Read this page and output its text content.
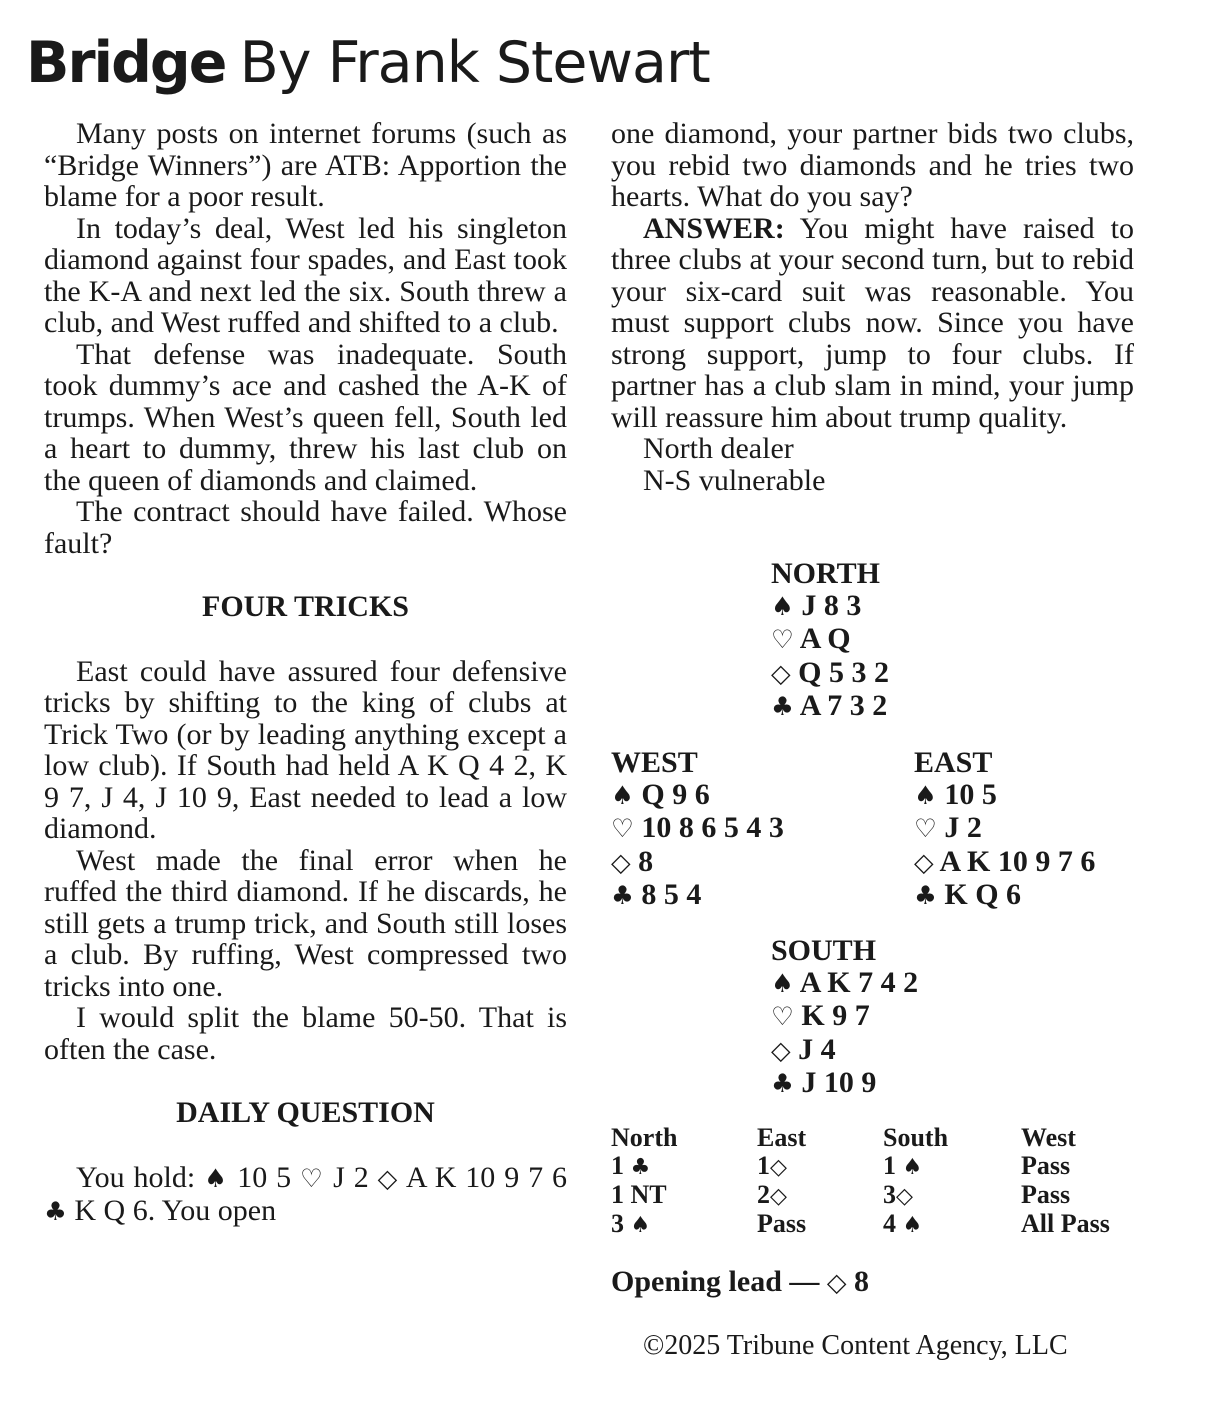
Bridge By Frank Stewart

Many posts on internet forums (such as “Bridge Winners”) are ATB: Apportion the blame for a poor result.

In today’s deal, West led his singleton diamond against four spades, and East took the K-A and next led the six. South threw a club, and West ruffed and shifted to a club.

That defense was inadequate. South took dummy’s ace and cashed the A-K of trumps. When West’s queen fell, South led a heart to dummy, threw his last club on the queen of diamonds and claimed.

The contract should have failed. Whose fault?

FOUR TRICKS

East could have assured four defensive tricks by shifting to the king of clubs at Trick Two (or by leading anything except a low club). If South had held A K Q 4 2, K 9 7, J 4, J 10 9, East needed to lead a low diamond.

West made the final error when he ruffed the third diamond. If he discards, he still gets a trump trick, and South still loses a club. By ruffing, West compressed two tricks into one.

I would split the blame 50-50. That is often the case.

DAILY QUESTION

You hold: ♠ 10 5 ♡ J 2 ◇ A K 10 9 7 6 ♣ K Q 6. You open

one diamond, your partner bids two clubs, you rebid two diamonds and he tries two hearts. What do you say?

ANSWER: You might have raised to three clubs at your second turn, but to rebid your six-card suit was reasonable. You must support clubs now. Since you have strong support, jump to four clubs. If partner has a club slam in mind, your jump will reassure him about trump quality.

North dealer
N-S vulnerable
NORTH
♠ J 8 3
♡ A Q
◇ Q 5 3 2
♣ A 7 3 2
WEST
♠ Q 9 6
♡ 10 8 6 5 4 3
◇ 8
♣ 8 5 4
EAST
♠ 10 5
♡ J 2
◇ A K 10 9 7 6
♣ K Q 6
SOUTH
♠ A K 7 4 2
♡ K 9 7
◇ J 4
♣ J 10 9
North	East	South	West
1 ♣	1◇	1 ♠	Pass
1 NT	2◇	3◇	Pass
3 ♠	Pass	4 ♠	All Pass
Opening lead — ◇ 8
©2025 Tribune Content Agency, LLC
